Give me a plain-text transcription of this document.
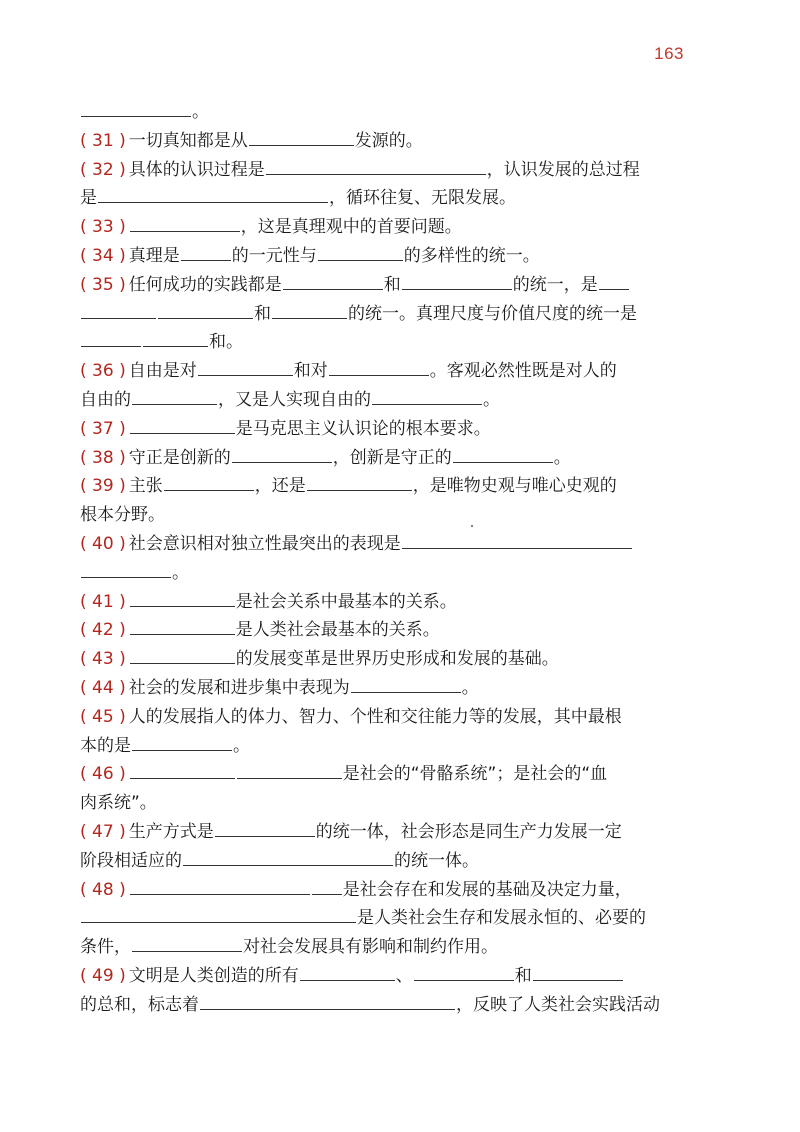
163
。
( 31 ) 一切真知都是从	发源的。
( 32 ) 具体的认识过程是	，认识发展的总过程
是	，循环往复、无限发展。
( 33 )	，这是真理观中的首要问题。
( 34 ) 真理是	的一元性与	的多样性的统一。
( 35 ) 任何成功的实践都是	和	的统一，是
和	的统一。真理尺度与价值尺度的统一是
和。
( 36 ) 自由是对	和对	。客观必然性既是对人的
自由的	，又是人实现自由的	。
( 37 )	是马克思主义认识论的根本要求。
( 38 ) 守正是创新的	，创新是守正的	。
( 39 ) 主张	，还是	，是唯物史观与唯心史观的
根本分野。
( 40 ) 社会意识相对独立性最突出的表现是
。
( 41 )	是社会关系中最基本的关系。
( 42 )	是人类社会最基本的关系。
( 43 )	的发展变革是世界历史形成和发展的基础。
( 44 ) 社会的发展和进步集中表现为	。
( 45 ) 人的发展指人的体力、智力、个性和交往能力等的发展，其中最根
本的是	。
( 46 )	是社会的“骨骼系统”；是社会的“血
肉系统”。
( 47 ) 生产方式是	的统一体，社会形态是同生产力发展一定
阶段相适应的	的统一体。
( 48 )	是社会存在和发展的基础及决定力量，
是人类社会生存和发展永恒的、必要的
条件，	对社会发展具有影响和制约作用。
( 49 ) 文明是人类创造的所有	、	和
的总和，标志着	，反映了人类社会实践活动
